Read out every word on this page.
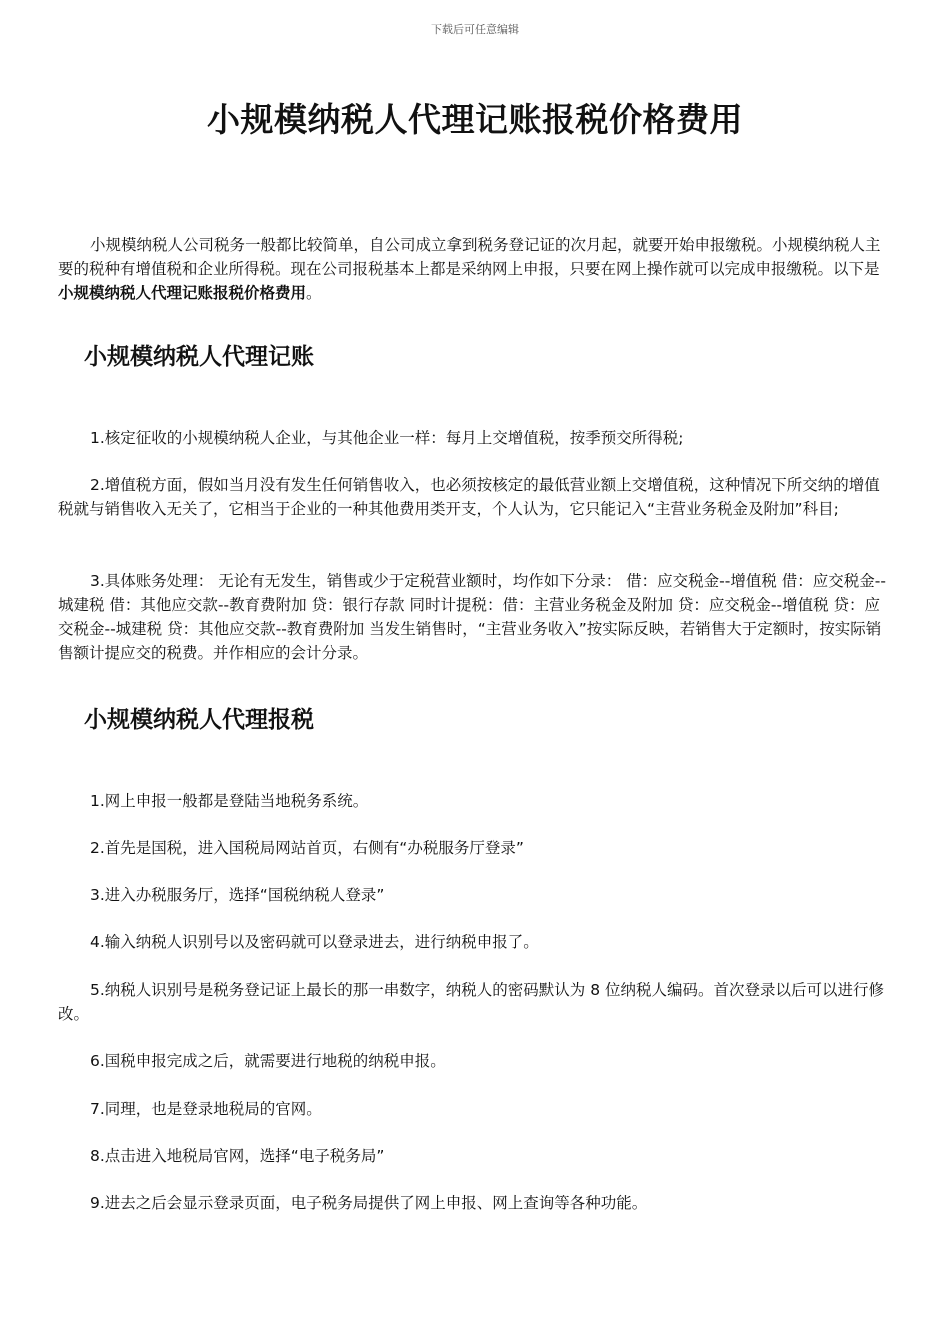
下载后可任意编辑
小规模纳税人代理记账报税价格费用

小规模纳税人公司税务一般都比较简单，自公司成立拿到税务登记证的次月起，就要开始申报缴税。小规模纳税人主要的税种有增值税和企业所得税。现在公司报税基本上都是采纳网上申报，只要在网上操作就可以完成申报缴税。以下是小规模纳税人代理记账报税价格费用。

小规模纳税人代理记账

1.核定征收的小规模纳税人企业，与其他企业一样：每月上交增值税，按季预交所得税;

2.增值税方面，假如当月没有发生任何销售收入，也必须按核定的最低营业额上交增值税，这种情况下所交纳的增值税就与销售收入无关了，它相当于企业的一种其他费用类开支，个人认为，它只能记入“主营业务税金及附加”科目;

3.具体账务处理： 无论有无发生，销售或少于定税营业额时，均作如下分录： 借：应交税金--增值税 借：应交税金--城建税 借：其他应交款--教育费附加 贷：银行存款 同时计提税：借：主营业务税金及附加 贷：应交税金--增值税 贷：应交税金--城建税 贷：其他应交款--教育费附加 当发生销售时，“主营业务收入”按实际反映，若销售大于定额时，按实际销售额计提应交的税费。并作相应的会计分录。

小规模纳税人代理报税

1.网上申报一般都是登陆当地税务系统。

2.首先是国税，进入国税局网站首页，右侧有“办税服务厅登录”

3.进入办税服务厅，选择“国税纳税人登录”

4.输入纳税人识别号以及密码就可以登录进去，进行纳税申报了。

5.纳税人识别号是税务登记证上最长的那一串数字，纳税人的密码默认为 8 位纳税人编码。首次登录以后可以进行修改。

6.国税申报完成之后，就需要进行地税的纳税申报。

7.同理，也是登录地税局的官网。

8.点击进入地税局官网，选择“电子税务局”

9.进去之后会显示登录页面，电子税务局提供了网上申报、网上查询等各种功能。
